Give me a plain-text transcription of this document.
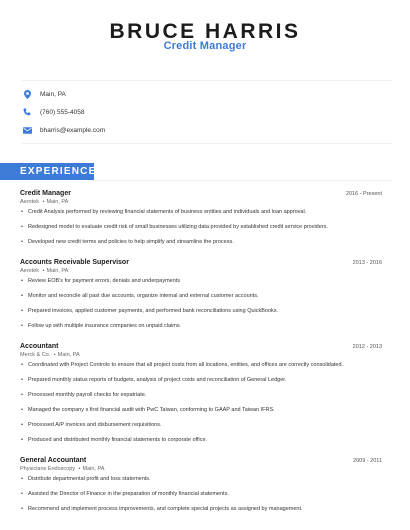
BRUCE HARRIS
Credit Manager
Main, PA
(760) 555-4058
bharris@example.com
EXPERIENCE
Credit Manager	2016 - Present
Aerotek • Main, PA
• Credit Analysis performed by reviewing financial statements of business entities and individuals and loan approval.
• Redesigned model to evaluate credit risk of small businesses utilizing data provided by established credit service providers.
• Developed new credit terms and policies to help simplify and streamline the process.
Accounts Receivable Supervisor	2013 - 2016
Aerotek • Main, PA
• Review EOB's for payment errors, denials and underpayments
• Monitor and reconcile all past due accounts, organize internal and external customer accounts.
• Prepared invoices, applied customer payments, and performed bank reconciliations using QuickBooks.
• Follow up with multiple insurance companies on unpaid claims.
Accountant	2012 - 2013
Merck & Co. • Main, PA
• Coordinated with Project Controls to ensure that all project costs from all locations, entities, and offices are correctly consolidated.
• Prepared monthly status reports of budgets, analysis of project costs and reconciliation of General Ledger.
• Processed monthly payroll checks for expatriate.
• Managed the company s first financial audit with PwC Taiwan, conforming to GAAP and Taiwan IFRS.
• Processed A/P invoices and disbursement requisitions.
• Produced and distributed monthly financial statements to corporate office.
General Accountant	2009 - 2011
Physicians Endoscopy • Main, PA
• Distribute departmental profit and loss statements.
• Assisted the Director of Finance in the preparation of monthly financial statements.
• Recommend and implement process improvements, and complete special projects as assigned by management.
